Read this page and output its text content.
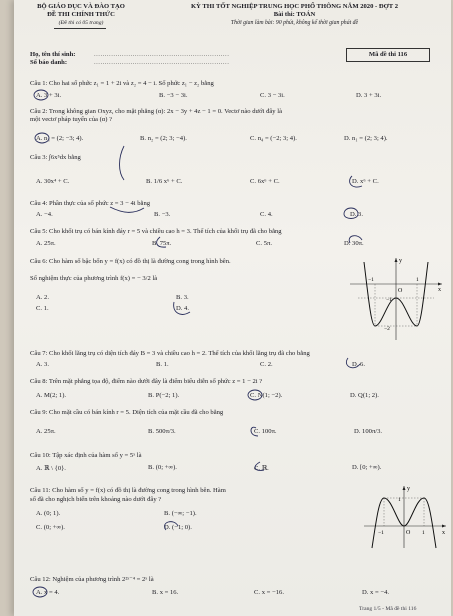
BỘ GIÁO DỤC VÀ ĐÀO TẠO
ĐỀ THI CHÍNH THỨC
(Đề thi có 05 trang)
KỲ THI TỐT NGHIỆP TRUNG HỌC PHỔ THÔNG NĂM 2020 - ĐỢT 2
Bài thi: TOÁN
Thời gian làm bài: 90 phút, không kể thời gian phát đề
Họ, tên thí sinh:	...............................................................
Số báo danh:	...............................................................
Mã đề thi 116
Câu 1: Cho hai số phức z₁ = 1 + 2i và z₂ = 4 − i. Số phức z₁ − z₂ bằng
A. 3 + 3i.	B. −3 − 3i.	C. 3 − 3i.	D. 3 + 3i.
Câu 2: Trong không gian Oxyz, cho mặt phẳng (α): 2x − 3y + 4z − 1 = 0. Vectơ nào dưới đây là
một vectơ pháp tuyến của (α) ?
A. n₃ = (2; −3; 4).	B. n₂ = (2; 3; −4).	C. n₄ = (−2; 3; 4).	D. n₁ = (2; 3; 4).
Câu 3: ∫6x⁵dx bằng
A. 30x⁴ + C.	B. 1/6 x⁶ + C.	C. 6x⁶ + C.	D. x⁶ + C.
Câu 4: Phần thực của số phức z = 3 − 4i bằng
A. −4.	B. −3.	C. 4.	D. 3.
Câu 5: Cho khối trụ có bán kính đáy r = 5 và chiều cao h = 3. Thể tích của khối trụ đã cho bằng
A. 25π.	B. 75π.	C. 5π.	D. 30π.
Câu 6: Cho hàm số bậc bốn y = f(x) có đồ thị là đường cong trong hình bên.
Số nghiệm thực của phương trình f(x) = − 3/2 là
A. 2.	B. 3.
C. 1.	D. 4.
y
x
O
−1	1
−1
−2
Câu 7: Cho khối lăng trụ có diện tích đáy B = 3 và chiều cao h = 2. Thể tích của khối lăng trụ đã cho bằng
A. 3.	B. 1.	C. 2.	D. 6.
Câu 8: Trên mặt phẳng tọa độ, điểm nào dưới đây là điểm biểu diễn số phức z = 1 − 2i ?
A. M(2; 1).	B. P(−2; 1).	C. N(1; −2).	D. Q(1; 2).
Câu 9: Cho mặt cầu có bán kính r = 5. Diện tích của mặt cầu đã cho bằng
A. 25π.	B. 500π/3.	C. 100π.	D. 100π/3.
Câu 10: Tập xác định của hàm số y = 5ˣ là
A. ℝ \ {0}.	B. (0; +∞).	C. ℝ.	D. [0; +∞).
Câu 11: Cho hàm số y = f(x) có đồ thị là đường cong trong hình bên. Hàm
số đã cho nghịch biến trên khoảng nào dưới đây ?
A. (0; 1).	B. (−∞; −1).
C. (0; +∞).	D. (−1; 0).
y
x
O
1
−1	1
Câu 12: Nghiệm của phương trình 2²ˣ⁻⁴ = 2ˣ là
A. x = 4.	B. x = 16.	C. x = −16.	D. x = −4.
Trang 1/5 - Mã đề thi 116
